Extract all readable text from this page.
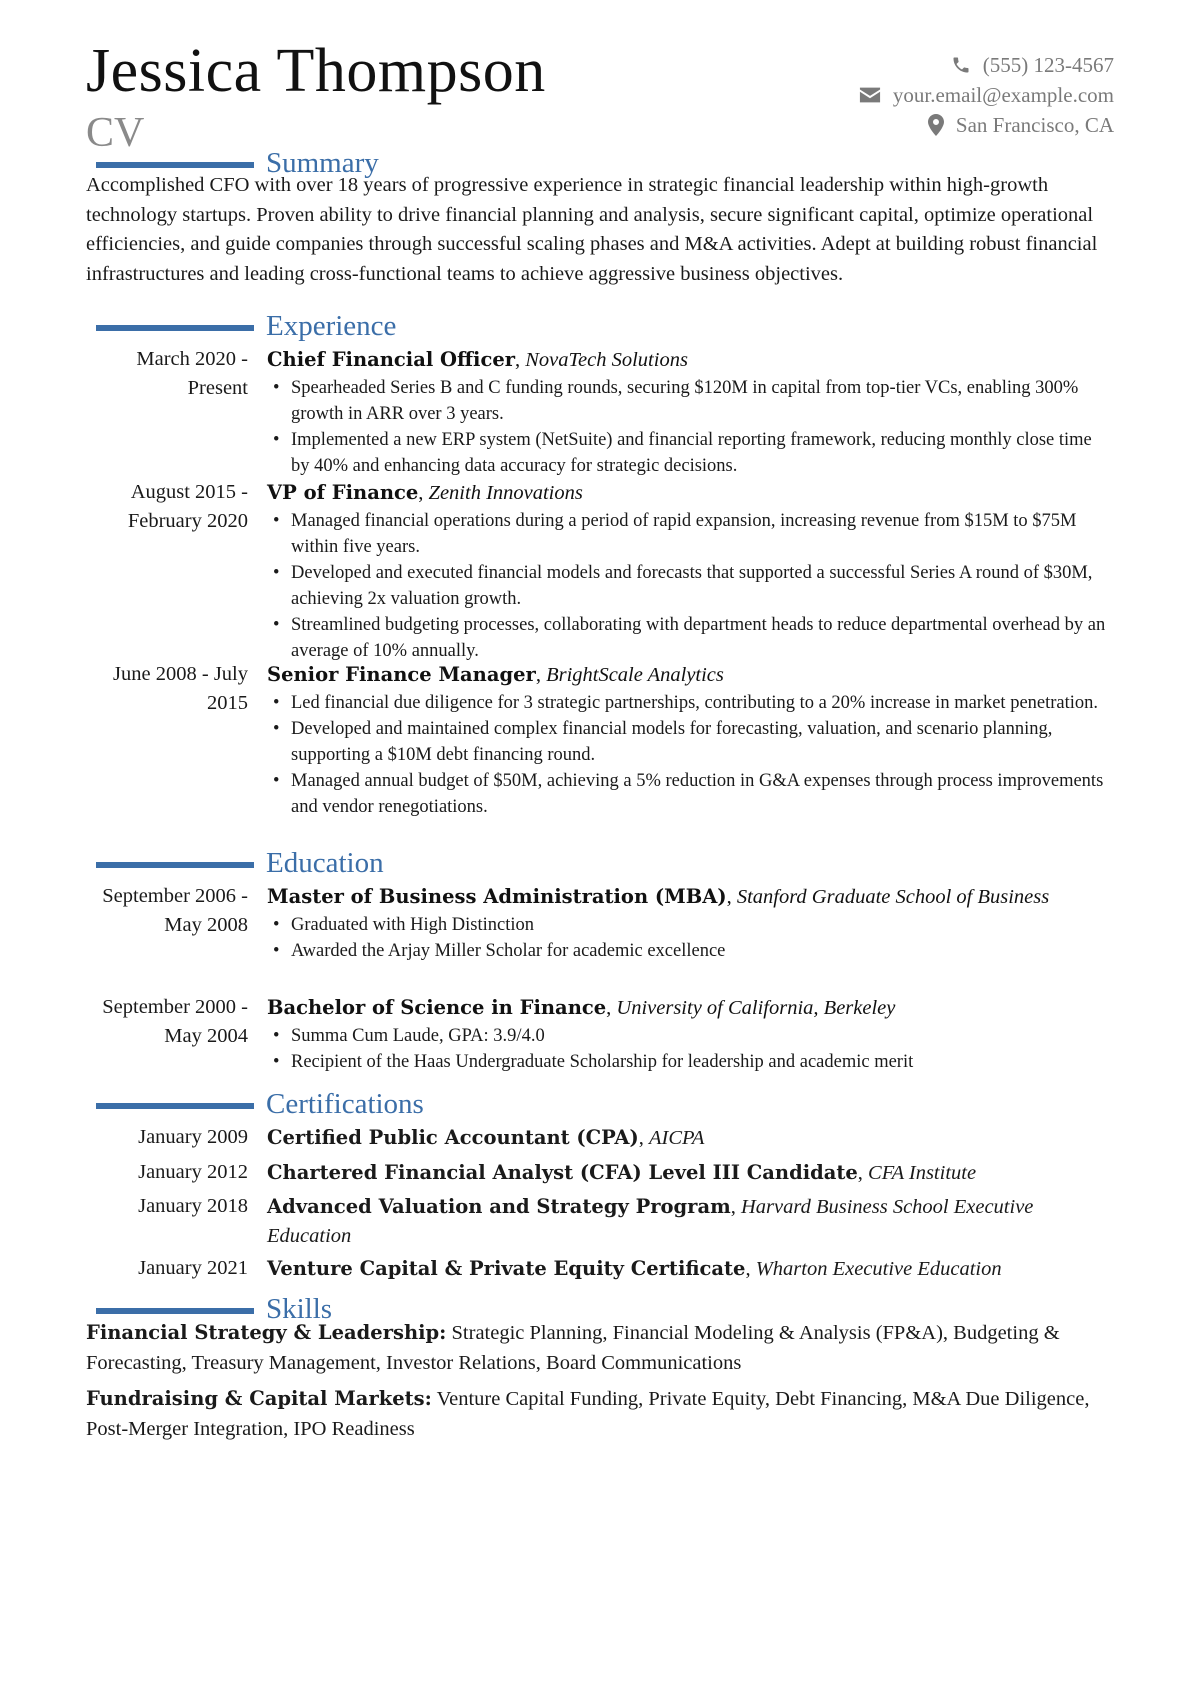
Jessica Thompson
CV
(555) 123-4567
your.email@example.com
San Francisco, CA
Summary
Accomplished CFO with over 18 years of progressive experience in strategic financial leadership within high-growth technology startups. Proven ability to drive financial planning and analysis, secure significant capital, optimize operational efficiencies, and guide companies through successful scaling phases and M&A activities. Adept at building robust financial infrastructures and leading cross-functional teams to achieve aggressive business objectives.
Experience
March 2020 - Present
Chief Financial Officer, NovaTech Solutions
• Spearheaded Series B and C funding rounds, securing $120M in capital from top-tier VCs, enabling 300% growth in ARR over 3 years.
• Implemented a new ERP system (NetSuite) and financial reporting framework, reducing monthly close time by 40% and enhancing data accuracy for strategic decisions.
August 2015 - February 2020
VP of Finance, Zenith Innovations
• Managed financial operations during a period of rapid expansion, increasing revenue from $15M to $75M within five years.
• Developed and executed financial models and forecasts that supported a successful Series A round of $30M, achieving 2x valuation growth.
• Streamlined budgeting processes, collaborating with department heads to reduce departmental overhead by an average of 10% annually.
June 2008 - July 2015
Senior Finance Manager, BrightScale Analytics
• Led financial due diligence for 3 strategic partnerships, contributing to a 20% increase in market penetration.
• Developed and maintained complex financial models for forecasting, valuation, and scenario planning, supporting a $10M debt financing round.
• Managed annual budget of $50M, achieving a 5% reduction in G&A expenses through process improvements and vendor renegotiations.
Education
September 2006 - May 2008
Master of Business Administration (MBA), Stanford Graduate School of Business
• Graduated with High Distinction
• Awarded the Arjay Miller Scholar for academic excellence
September 2000 - May 2004
Bachelor of Science in Finance, University of California, Berkeley
• Summa Cum Laude, GPA: 3.9/4.0
• Recipient of the Haas Undergraduate Scholarship for leadership and academic merit
Certifications
January 2009 Certified Public Accountant (CPA), AICPA
January 2012 Chartered Financial Analyst (CFA) Level III Candidate, CFA Institute
January 2018 Advanced Valuation and Strategy Program, Harvard Business School Executive Education
January 2021 Venture Capital & Private Equity Certificate, Wharton Executive Education
Skills
Financial Strategy & Leadership: Strategic Planning, Financial Modeling & Analysis (FP&A), Budgeting & Forecasting, Treasury Management, Investor Relations, Board Communications
Fundraising & Capital Markets: Venture Capital Funding, Private Equity, Debt Financing, M&A Due Diligence, Post-Merger Integration, IPO Readiness
